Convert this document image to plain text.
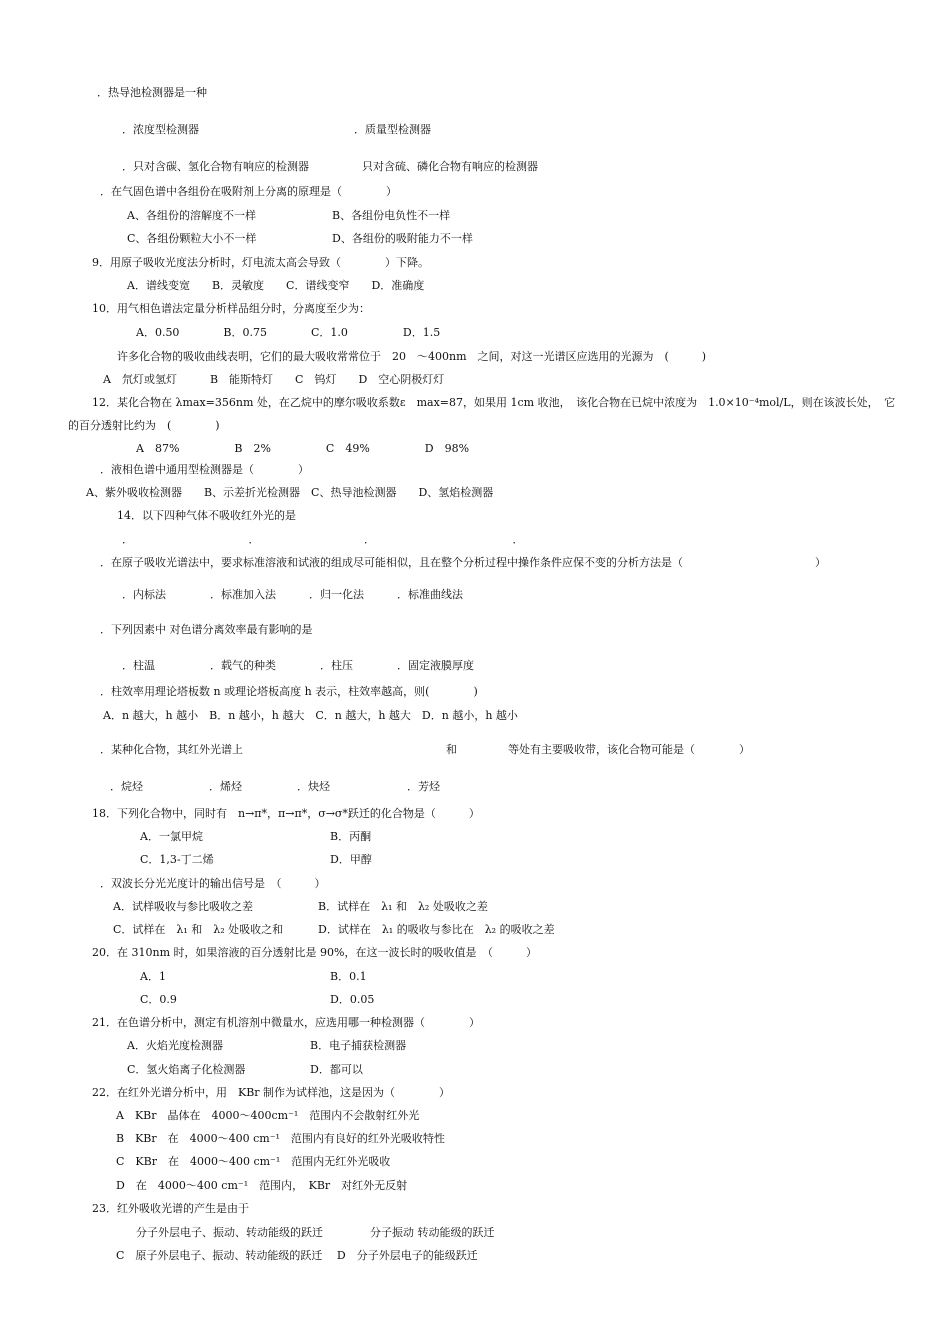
．热导池检测器是一种
．浓度型检测器	．质量型检测器
．只对含碳、氢化合物有响应的检测器	只对含硫、磷化合物有响应的检测器
．在气固色谱中各组份在吸附剂上分离的原理是（　　　　）
A、各组份的溶解度不一样	B、各组份电负性不一样
C、各组份颗粒大小不一样	D、各组份的吸附能力不一样
9．用原子吸收光度法分析时，灯电流太高会导致（　　　　）下降。
A．谱线变宽　　B．灵敏度　　C．谱线变窄　　D．准确度
10．用气相色谱法定量分析样品组分时，分离度至少为：
A．0.50　　　　B．0.75　　　　C．1.0　　　　　D．1.5
许多化合物的吸收曲线表明，它们的最大吸收常常位于　20　～400nm　之间，对这一光谱区应选用的光源为　(　　　)
A　氘灯或氢灯　　　B　能斯特灯　　C　钨灯　　D　空心阴极灯灯
12．某化合物在 λmax=356nm 处，在乙烷中的摩尔吸收系数ε　max=87，如果用 1cm 收池，　该化合物在已烷中浓度为　1.0×10⁻⁴mol/L，则在该波长处，　它
的百分透射比约为　(　　　　)
A　87%　　　　　B　2%　　　　　C　49%　　　　　D　98%
．液相色谱中通用型检测器是（　　　　）
A、紫外吸收检测器　　B、示差折光检测器　C、热导池检测器　　D、氢焰检测器
14．以下四种气体不吸收红外光的是
．　　　　　　　　　　　．　　　　　　　　　　．　　　　　　　　　　　　　．
．在原子吸收光谱法中，要求标准溶液和试液的组成尽可能相似，且在整个分析过程中操作条件应保不变的分析方法是（　　　　　　　　　　　　）
．内标法　　　　．标准加入法　　　．归一化法　　　．标准曲线法
．下列因素中 对色谱分离效率最有影响的是
．柱温　　　　　．载气的种类　　　　．柱压　　　　．固定液膜厚度
．柱效率用理论塔板数 n 或理论塔板高度 h 表示，柱效率越高，则(　　　　)
A．n 越大，h 越小　B．n 越小，h 越大　C．n 越大，h 越大　D．n 越小，h 越小
．某种化合物，其红外光谱上	和	等处有主要吸收带，该化合物可能是（　　　　）
．烷烃　　　　　　．烯烃　　　　　．炔烃　　　　　　　．芳烃
18．下列化合物中，同时有　n→π*，π→π*，σ→σ*跃迁的化合物是（　　　）
A．一氯甲烷	B．丙酮
C．1,3-丁二烯	D．甲醇
．双波长分光光度计的输出信号是　（　　　）
A．试样吸收与参比吸收之差	B．试样在　λ₁ 和　λ₂ 处吸收之差
C．试样在　λ₁ 和　λ₂ 处吸收之和	D．试样在　λ₁ 的吸收与参比在　λ₂ 的吸收之差
20．在 310nm 时，如果溶液的百分透射比是 90%，在这一波长时的吸收值是　（　　　）
A．1	B．0.1
C．0.9	D．0.05
21．在色谱分析中，测定有机溶剂中微量水，应选用哪一种检测器（　　　　）
A．火焰光度检测器	B．电子捕获检测器
C．氢火焰离子化检测器	D．都可以
22．在红外光谱分析中，用　KBr 制作为试样池，这是因为（　　　　）
A　KBr　晶体在　4000～400cm⁻¹　范围内不会散射红外光
B　KBr　在　4000～400 cm⁻¹　范围内有良好的红外光吸收特性
C　KBr　在　4000～400 cm⁻¹　范围内无红外光吸收
D　在　4000～400 cm⁻¹　范围内，　KBr　对红外无反射
23．红外吸收光谱的产生是由于
分子外层电子、振动、转动能级的跃迁	分子振动 转动能级的跃迁
C　原子外层电子、振动、转动能级的跃迁　 D　分子外层电子的能级跃迁
